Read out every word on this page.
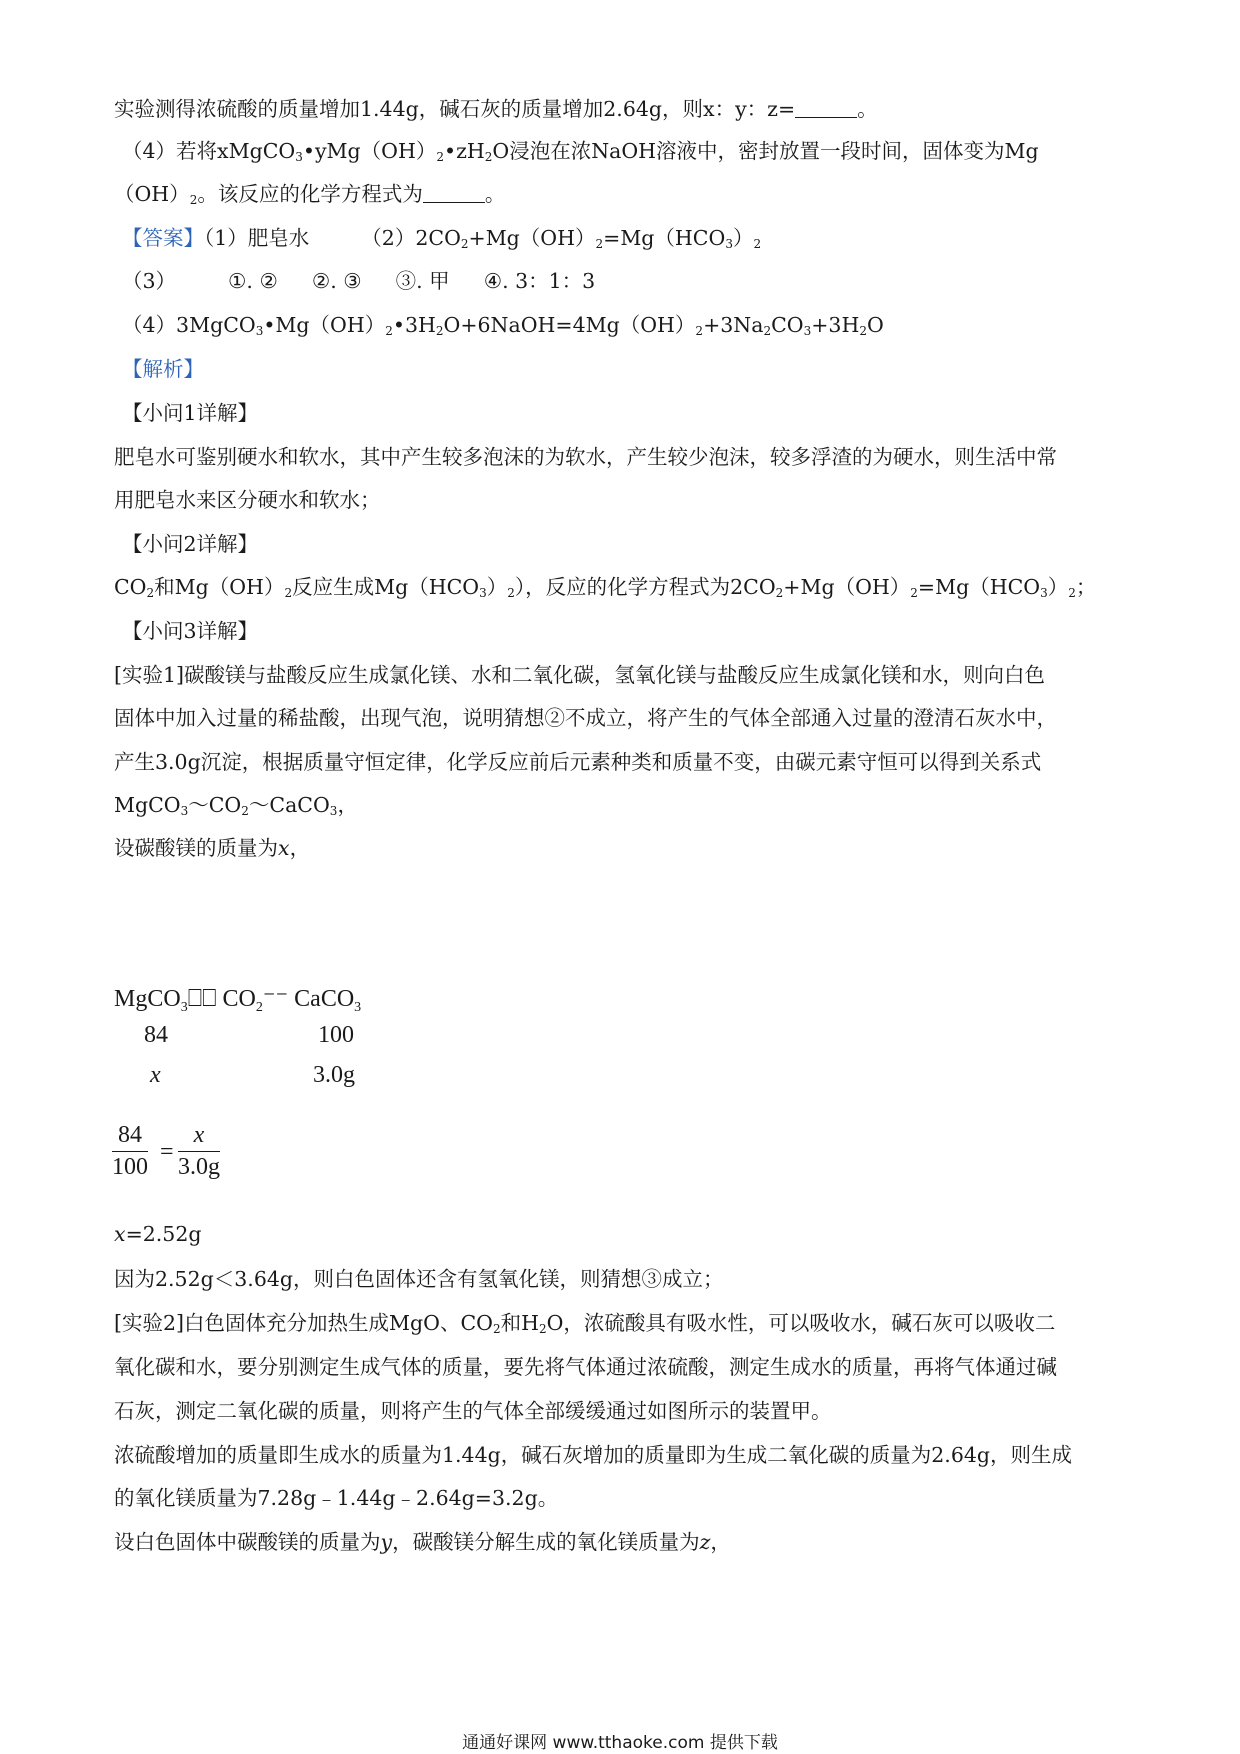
实验测得浓硫酸的质量增加1.44g，碱石灰的质量增加2.64g，则x：y：z=	。
（4）若将$xMgCO_3•yMg(OH)_2•zH_2O$浸泡在浓NaOH溶液中，密封放置一段时间，固体变为Mg
$(OH)_2$。该反应的化学方程式为	。
【答案】（1）肥皂水	$(2)2CO_2+Mg(OH)_2=Mg(HCO_3)_2$
（3）	①. ② ②. ③ ③. 甲 ④. 3：1：3
$(4)3MgCO_3•Mg(OH)_2•3H_2O+6NaOH=4Mg(OH)_2+3Na_2CO_3+3H_2O$
【解析】
【小问1详解】
肥皂水可鉴别硬水和软水，其中产生较多泡沫的为软水，产生较少泡沫，较多浮渣的为硬水，则生活中常
用肥皂水来区分硬水和软水；
【小问2详解】
$CO_2$和$Mg(OH)_2$反应生成$Mg(HCO_3)_2$），反应的化学方程式为$2CO_2+Mg(OH)_2=Mg(HCO_3)_2$；
【小问3详解】
[实验1]碳酸镁与盐酸反应生成氯化镁、水和二氧化碳，氢氧化镁与盐酸反应生成氯化镁和水，则向白色
固体中加入过量的稀盐酸，出现气泡，说明猜想②不成立，将产生的气体全部通入过量的澄清石灰水中，
产生3.0g沉淀，根据质量守恒定律，化学反应前后元素种类和质量不变，由碳元素守恒可以得到关系式
$MgCO_3\sim CO_2\sim CaCO_3$，
设碳酸镁的质量为x，
MgCO$_3$⎕⎕ $CO_2^{--}$ CaCO$_3$
84	100
x	3.0g
$\frac{84}{100} = \frac{x}{3.0g}$
x=2.52g
因为2.52g＜3.64g，则白色固体还含有氢氧化镁，则猜想③成立；
[实验2]白色固体充分加热生成MgO、$CO_2$和$H_2O$，浓硫酸具有吸水性，可以吸收水，碱石灰可以吸收二
氧化碳和水，要分别测定生成气体的质量，要先将气体通过浓硫酸，测定生成水的质量，再将气体通过碱
石灰，测定二氧化碳的质量，则将产生的气体全部缓缓通过如图所示的装置甲。
浓硫酸增加的质量即生成水的质量为1.44g，碱石灰增加的质量即为生成二氧化碳的质量为2.64g，则生成
的氧化镁质量为7.28g﹣1.44g﹣2.64g=3.2g。
设白色固体中碳酸镁的质量为y，碳酸镁分解生成的氧化镁质量为z，
通通好课网 www.tthaoke.com 提供下载
